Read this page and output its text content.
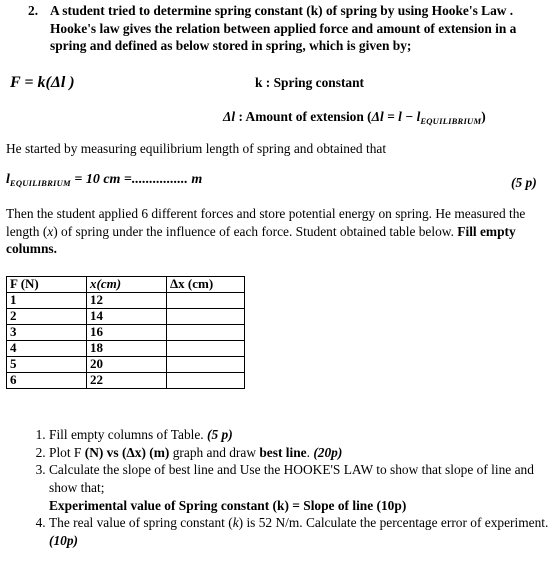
2. A student tried to determine spring constant (k) of spring by using Hooke's Law . Hooke's law gives the relation between applied force and amount of extension in a spring and defined as below stored in spring, which is given by;
F = k(Δl )	k : Spring constant
Δl : Amount of extension $(\Delta l = l - l_{EQUILIBRIUM})$
He started by measuring equilibrium length of spring and obtained that
$l_{EQUILIBRIUM} = 10$ cm =................ m	(5 p)
Then the student applied 6 different forces and store potential energy on spring. He measured the length (x) of spring under the influence of each force. Student obtained table below. Fill empty columns.
F (N)	x(cm)	Δx (cm)
1	12	
2	14	
3	16	
4	18	
5	20	
6	22	
1. Fill empty columns of Table. (5 p)
2. Plot F (N) vs (Δx) (m) graph and draw best line. (20p)
3. Calculate the slope of best line and Use the HOOKE'S LAW to show that slope of line and show that;
Experimental value of Spring constant (k) = Slope of line (10p)
4. The real value of spring constant (k) is 52 N/m. Calculate the percentage error of experiment. (10p)
